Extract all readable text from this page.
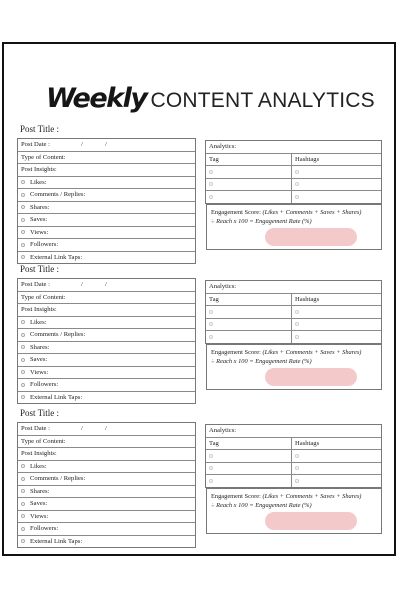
Weekly CONTENT ANALYTICS
Post Title :
Post Date :	/	/
Type of Content:
Post Insights:
Likes:
Comments / Replies:
Shares:
Saves:
Views:
Followers:
External Link Taps:
Analytics:
Tag	Hashtags
Engagement Score: (Likes + Comments + Saves + Shares)
÷ Reach x 100 = Engagement Rate (%)
Post Title :
Post Date :	/	/
Type of Content:
Post Insights:
Likes:
Comments / Replies:
Shares:
Saves:
Views:
Followers:
External Link Taps:
Analytics:
Tag	Hashtags
Engagement Score: (Likes + Comments + Saves + Shares)
÷ Reach x 100 = Engagement Rate (%)
Post Title :
Post Date :	/	/
Type of Content:
Post Insights:
Likes:
Comments / Replies:
Shares:
Saves:
Views:
Followers:
External Link Taps:
Analytics:
Tag	Hashtags
Engagement Score: (Likes + Comments + Saves + Shares)
÷ Reach x 100 = Engagement Rate (%)
